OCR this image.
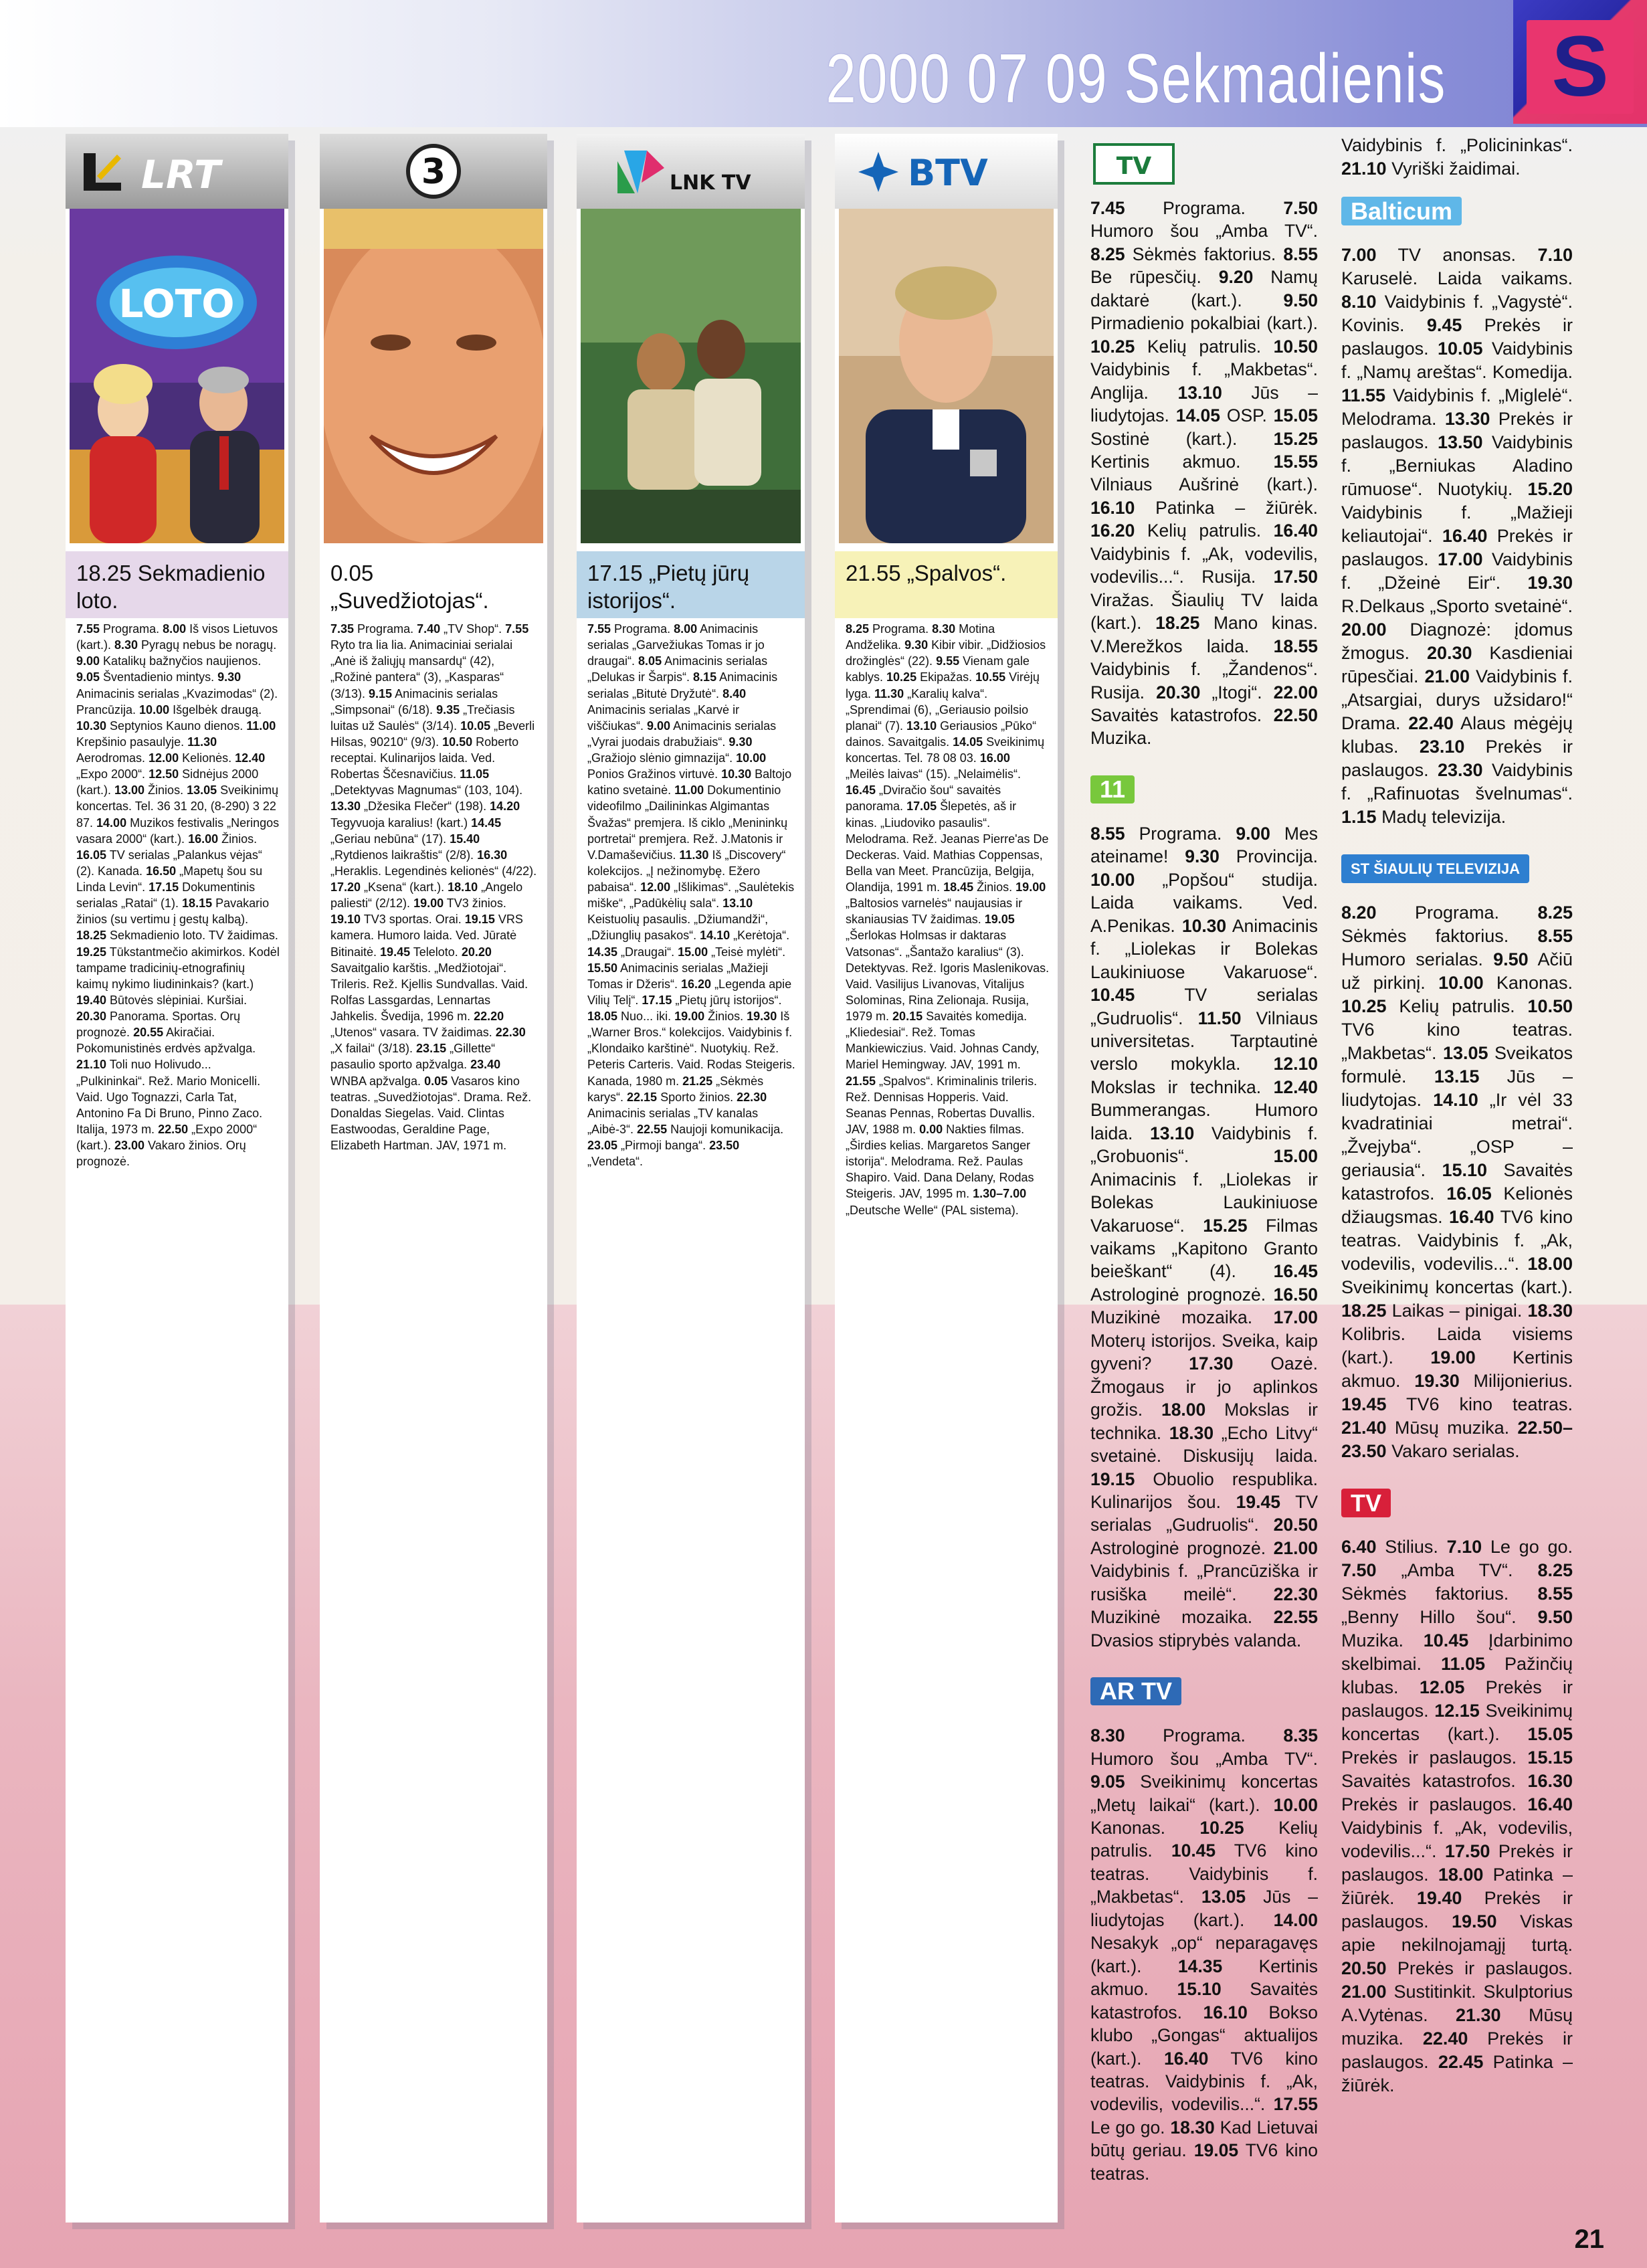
2000 07 09 Sekmadienis S
LRT
LOTO
18.25 Sekmadienio loto.
7.55 Programa. 8.00 Iš visos Lietuvos (kart.). 8.30 Pyragų nebus be noragų. 9.00 Katalikų bažnyčios naujienos. 9.05 Šventadienio mintys. 9.30 Animacinis serialas „Kvazimodas“ (2). Prancūzija. 10.00 Išgelbėk draugą. 10.30 Septynios Kauno dienos. 11.00 Krepšinio pasaulyje. 11.30 Aerodromas. 12.00 Kelionės. 12.40 „Expo 2000“. 12.50 Sidnėjus 2000 (kart.). 13.00 Žinios. 13.05 Sveikinimų koncertas. Tel. 36 31 20, (8-290) 3 22 87. 14.00 Muzikos festivalis „Neringos vasara 2000“ (kart.). 16.00 Žinios. 16.05 TV serialas „Palankus vėjas“ (2). Kanada. 16.50 „Mapetų šou su Linda Levin“. 17.15 Dokumentinis serialas „Ratai“ (1). 18.15 Pavakario žinios (su vertimu į gestų kalbą). 18.25 Sekmadienio loto. TV žaidimas. 19.25 Tūkstantmečio akimirkos. Kodėl tampame tradicinių-etnografinių kaimų nykimo liudininkais? (kart.) 19.40 Būtovės slėpiniai. Kuršiai. 20.30 Panorama. Sportas. Orų prognozė. 20.55 Akiračiai. Pokomunistinės erdvės apžvalga. 21.10 Toli nuo Holivudo... „Pulkininkai“. Rež. Mario Monicelli. Vaid. Ugo Tognazzi, Carla Tat, Antonino Fa Di Bruno, Pinno Zaco. Italija, 1973 m. 22.50 „Expo 2000“ (kart.). 23.00 Vakaro žinios. Orų prognozė.
3
0.05 „Suvedžiotojas“.
7.35 Programa. 7.40 „TV Shop“. 7.55 Ryto tra lia lia. Animaciniai serialai „Anė iš žaliųjų mansardų“ (42), „Rožinė pantera“ (3), „Kasparas“ (3/13). 9.15 Animacinis serialas „Simpsonai“ (6/18). 9.35 „Trečiasis luitas už Saulės“ (3/14). 10.05 „Beverli Hilsas, 90210“ (9/3). 10.50 Roberto receptai. Kulinarijos laida. Ved. Robertas Ščesnavičius. 11.05 „Detektyvas Magnumas“ (103, 104). 13.30 „Džesika Flečer“ (198). 14.20 Tegyvuoja karalius! (kart.) 14.45 „Geriau nebūna“ (17). 15.40 „Rytdienos laikraštis“ (2/8). 16.30 „Heraklis. Legendinės kelionės“ (4/22). 17.20 „Ksena“ (kart.). 18.10 „Angelo paliesti“ (2/12). 19.00 TV3 žinios. 19.10 TV3 sportas. Orai. 19.15 VRS kamera. Humoro laida. Ved. Jūratė Bitinaitė. 19.45 Teleloto. 20.20 Savaitgalio karštis. „Medžiotojai“. Trileris. Rež. Kjellis Sundvallas. Vaid. Rolfas Lassgardas, Lennartas Jahkelis. Švedija, 1996 m. 22.20 „Utenos“ vasara. TV žaidimas. 22.30 „X failai“ (3/18). 23.15 „Gillette“ pasaulio sporto apžvalga. 23.40 WNBA apžvalga. 0.05 Vasaros kino teatras. „Suvedžiotojas“. Drama. Rež. Donaldas Siegelas. Vaid. Clintas Eastwoodas, Geraldine Page, Elizabeth Hartman. JAV, 1971 m.
LNK TV
17.15 „Pietų jūrų istorijos“.
7.55 Programa. 8.00 Animacinis serialas „Garvežiukas Tomas ir jo draugai“. 8.05 Animacinis serialas „Delukas ir Šarpis“. 8.15 Animacinis serialas „Bitutė Dryžutė“. 8.40 Animacinis serialas „Karvė ir viščiukas“. 9.00 Animacinis serialas „Vyrai juodais drabužiais“. 9.30 „Gražiojo slėnio gimnazija“. 10.00 Ponios Gražinos virtuvė. 10.30 Baltojo katino svetainė. 11.00 Dokumentinio videofilmo „Dailininkas Algimantas Švažas“ premjera. Iš ciklo „Menininkų portretai“ premjera. Rež. J.Matonis ir V.Damaševičius. 11.30 Iš „Discovery“ kolekcijos. „Į nežinomybę. Ežero pabaisa“. 12.00 „Išlikimas“. „Saulėtekis miške“, „Padūkėlių sala“. 13.10 Keistuolių pasaulis. „Džiumandži“, „Džiunglių pasakos“. 14.10 „Kerėtoja“. 14.35 „Draugai“. 15.00 „Teisė mylėti“. 15.50 Animacinis serialas „Mažieji Tomas ir Džeris“. 16.20 „Legenda apie Vilių Telį“. 17.15 „Pietų jūrų istorijos“. 18.05 Nuo... iki. 19.00 Žinios. 19.30 Iš „Warner Bros.“ kolekcijos. Vaidybinis f. „Klondaiko karštinė“. Nuotykių. Rež. Peteris Carteris. Vaid. Rodas Steigeris. Kanada, 1980 m. 21.25 „Sėkmės karys“. 22.15 Sporto žinios. 22.30 Animacinis serialas „TV kanalas „Aibė-3“. 22.55 Naujoji komunikacija. 23.05 „Pirmoji banga“. 23.50 „Vendeta“.
BTV
21.55 „Spalvos“.
8.25 Programa. 8.30 Motina Andželika. 9.30 Kibir vibir. „Didžiosios drožinglės“ (22). 9.55 Vienam gale kablys. 10.25 Ekipažas. 10.55 Virėjų lyga. 11.30 „Karalių kalva“. „Sprendimai (6), „Geriausio poilsio planai“ (7). 13.10 Geriausios „Pūko“ dainos. Savaitgalis. 14.05 Sveikinimų koncertas. Tel. 78 08 03. 16.00 „Meilės laivas“ (15). „Nelaimėlis“. 16.45 „Dviračio šou“ savaitės panorama. 17.05 Šlepetės, aš ir kinas. „Liudoviko pasaulis“. Melodrama. Rež. Jeanas Pierre'as De Deckeras. Vaid. Mathias Coppensas, Bella van Meet. Prancūzija, Belgija, Olandija, 1991 m. 18.45 Žinios. 19.00 „Baltosios varnelės“ naujausias ir skaniausias TV žaidimas. 19.05 „Šerlokas Holmsas ir daktaras Vatsonas“. „Šantažo karalius“ (3). Detektyvas. Rež. Igoris Maslenikovas. Vaid. Vasilijus Livanovas, Vitalijus Solominas, Rina Zelionaja. Rusija, 1979 m. 20.15 Savaitės komedija. „Kliedesiai“. Rež. Tomas Mankiewiczius. Vaid. Johnas Candy, Mariel Hemingway. JAV, 1991 m. 21.55 „Spalvos“. Kriminalinis trileris. Rež. Dennisas Hopperis. Vaid. Seanas Pennas, Robertas Duvallis. JAV, 1988 m. 0.00 Nakties filmas. „Širdies kelias. Margaretos Sanger istorija“. Melodrama. Rež. Paulas Shapiro. Vaid. Dana Delany, Rodas Steigeris. JAV, 1995 m. 1.30–7.00 „Deutsche Welle“ (PAL sistema).
TV

7.45 Programa. 7.50 Humoro šou „Amba TV“. 8.25 Sėkmės faktorius. 8.55 Be rūpesčių. 9.20 Namų daktarė (kart.). 9.50 Pirmadienio pokalbiai (kart.). 10.25 Kelių patrulis. 10.50 Vaidybinis f. „Makbetas“. Anglija. 13.10 Jūs – liudytojas. 14.05 OSP. 15.05 Sostinė (kart.). 15.25 Kertinis akmuo. 15.55 Vilniaus Aušrinė (kart.). 16.10 Patinka – žiūrėk. 16.20 Kelių patrulis. 16.40 Vaidybinis f. „Ak, vodevilis, vodevilis...“. Rusija. 17.50 Viražas. Šiaulių TV laida (kart.). 18.25 Mano kinas. V.Merežkos laida. 18.55 Vaidybinis f. „Žandenos“. Rusija. 20.30 „Itogi“. 22.00 Savaitės katastrofos. 22.50 Muzika.

11

8.55 Programa. 9.00 Mes ateiname! 9.30 Provincija. 10.00 „Popšou“ studija. Laida vaikams. Ved. A.Penikas. 10.30 Animacinis f. „Liolekas ir Bolekas Laukiniuose Vakaruose“. 10.45 TV serialas „Gudruolis“. 11.50 Vilniaus universitetas. Tarptautinė verslo mokykla. 12.10 Mokslas ir technika. 12.40 Bummerangas. Humoro laida. 13.10 Vaidybinis f. „Grobuonis“. 15.00 Animacinis f. „Liolekas ir Bolekas Laukiniuose Vakaruose“. 15.25 Filmas vaikams „Kapitono Granto beieškant“ (4). 16.45 Astrologinė prognozė. 16.50 Muzikinė mozaika. 17.00 Moterų istorijos. Sveika, kaip gyveni? 17.30 Oazė. Žmogaus ir jo aplinkos grožis. 18.00 Mokslas ir technika. 18.30 „Echo Litvy“ svetainė. Diskusijų laida. 19.15 Obuolio respublika. Kulinarijos šou. 19.45 TV serialas „Gudruolis“. 20.50 Astrologinė prognozė. 21.00 Vaidybinis f. „Prancūziška ir rusiška meilė“. 22.30 Muzikinė mozaika. 22.55 Dvasios stiprybės valanda.

AR TV

8.30 Programa. 8.35 Humoro šou „Amba TV“. 9.05 Sveikinimų koncertas „Metų laikai“ (kart.). 10.00 Kanonas. 10.25 Kelių patrulis. 10.45 TV6 kino teatras. Vaidybinis f. „Makbetas“. 13.05 Jūs – liudytojas (kart.). 14.00 Nesakyk „op“ neparagavęs (kart.). 14.35 Kertinis akmuo. 15.10 Savaitės katastrofos. 16.10 Bokso klubo „Gongas“ aktualijos (kart.). 16.40 TV6 kino teatras. Vaidybinis f. „Ak, vodevilis, vodevilis...“. 17.55 Le go go. 18.30 Kad Lietuvai būtų geriau. 19.05 TV6 kino teatras.

Vaidybinis f. „Policininkas“. 21.10 Vyriški žaidimai.

Balticum

7.00 TV anonsas. 7.10 Karuselė. Laida vaikams. 8.10 Vaidybinis f. „Vagystė“. Kovinis. 9.45 Prekės ir paslaugos. 10.05 Vaidybinis f. „Namų areštas“. Komedija. 11.55 Vaidybinis f. „Miglelė“. Melodrama. 13.30 Prekės ir paslaugos. 13.50 Vaidybinis f. „Berniukas Aladino rūmuose“. Nuotykių. 15.20 Vaidybinis f. „Mažieji keliautojai“. 16.40 Prekės ir paslaugos. 17.00 Vaidybinis f. „Džeinė Eir“. 19.30 R.Delkaus „Sporto svetainė“. 20.00 Diagnozė: įdomus žmogus. 20.30 Kasdieniai rūpesčiai. 21.00 Vaidybinis f. „Atsargiai, durys užsidaro!“ Drama. 22.40 Alaus mėgėjų klubas. 23.10 Prekės ir paslaugos. 23.30 Vaidybinis f. „Rafinuotas švelnumas“. 1.15 Madų televizija.

ST ŠIAULIŲ TELEVIZIJA

8.20 Programa. 8.25 Sėkmės faktorius. 8.55 Humoro serialas. 9.50 Ačiū už pirkinį. 10.00 Kanonas. 10.25 Kelių patrulis. 10.50 TV6 kino teatras. „Makbetas“. 13.05 Sveikatos formulė. 13.15 Jūs – liudytojas. 14.10 „Ir vėl 33 kvadratiniai metrai“. „Žvejyba“. „OSP – geriausia“. 15.10 Savaitės katastrofos. 16.05 Kelionės džiaugsmas. 16.40 TV6 kino teatras. Vaidybinis f. „Ak, vodevilis, vodevilis...“. 18.00 Sveikinimų koncertas (kart.). 18.25 Laikas – pinigai. 18.30 Kolibris. Laida visiems (kart.). 19.00 Kertinis akmuo. 19.30 Milijonierius. 19.45 TV6 kino teatras. 21.40 Mūsų muzika. 22.50–23.50 Vakaro serialas.

TV

6.40 Stilius. 7.10 Le go go. 7.50 „Amba TV“. 8.25 Sėkmės faktorius. 8.55 „Benny Hillo šou“. 9.50 Muzika. 10.45 Įdarbinimo skelbimai. 11.05 Pažinčių klubas. 12.05 Prekės ir paslaugos. 12.15 Sveikinimų koncertas (kart.). 15.05 Prekės ir paslaugos. 15.15 Savaitės katastrofos. 16.30 Prekės ir paslaugos. 16.40 Vaidybinis f. „Ak, vodevilis, vodevilis...“. 17.50 Prekės ir paslaugos. 18.00 Patinka – žiūrėk. 19.40 Prekės ir paslaugos. 19.50 Viskas apie nekilnojamąjį turtą. 20.50 Prekės ir paslaugos. 21.00 Sustitinkit. Skulptorius A.Vytėnas. 21.30 Mūsų muzika. 22.40 Prekės ir paslaugos. 22.45 Patinka – žiūrėk.

21
